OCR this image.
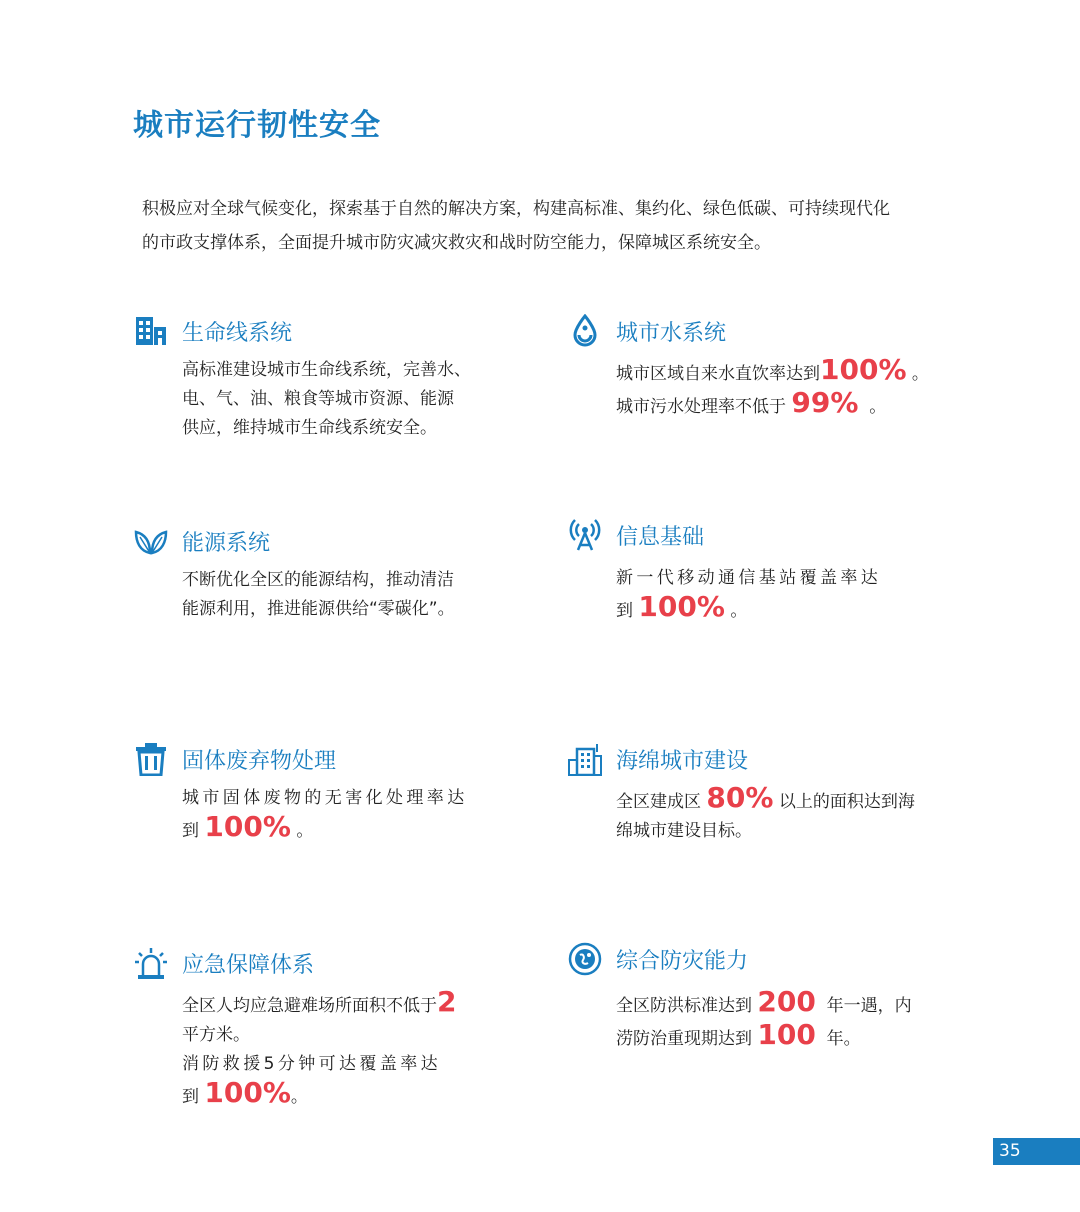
城市运行韧性安全

积极应对全球气候变化，探索基于自然的解决方案，构建高标准、集约化、绿色低碳、可持续现代化

的市政支撑体系，全面提升城市防灾减灾救灾和战时防空能力，保障城区系统安全。

生命线系统

高标准建设城市生命线系统，完善水、

电、气、油、粮食等城市资源、能源

供应，维持城市生命线系统安全。

城市水系统

城市区域自来水直饮率达到100% 。

城市污水处理率不低于 99% 。

能源系统

不断优化全区的能源结构，推动清洁

能源利用，推进能源供给“零碳化”。

信息基础

新一代移动通信基站覆盖率达

到 100% 。

固体废弃物处理

城市固体废物的无害化处理率达

到 100% 。

海绵城市建设

全区建成区 80% 以上的面积达到海

绵城市建设目标。

应急保障体系

全区人均应急避难场所面积不低于2

平方米。

消防救援5分钟可达覆盖率达

到 100%。

综合防灾能力

全区防洪标准达到 200 年一遇，内

涝防治重现期达到 100 年。

35
